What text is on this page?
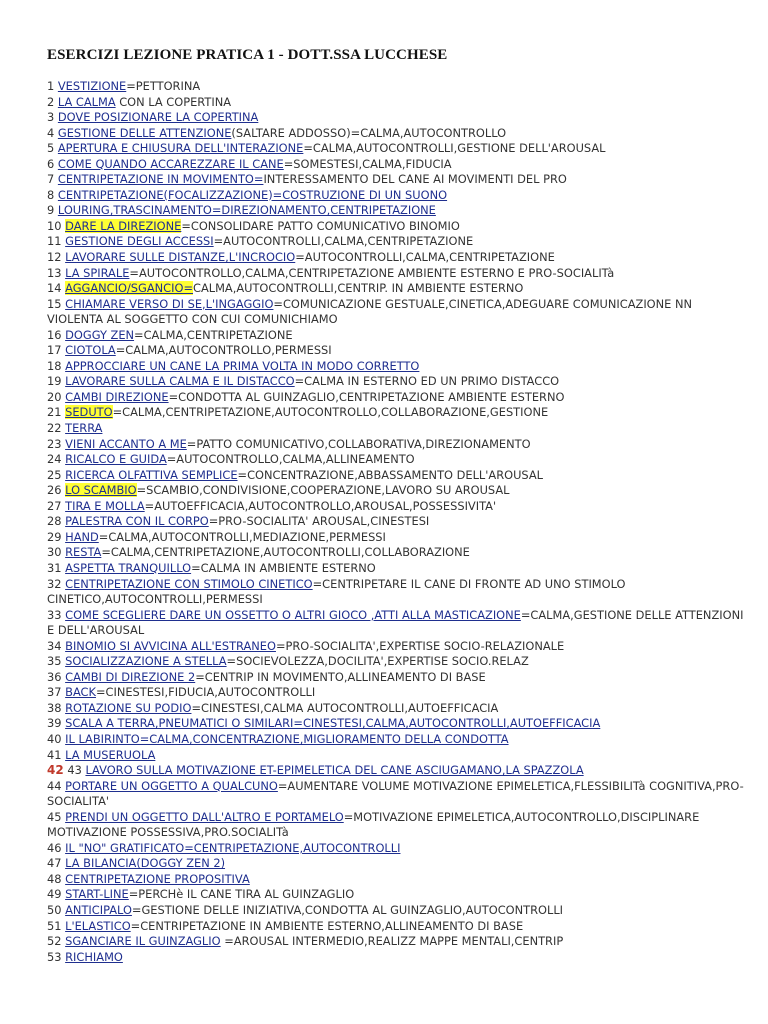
ESERCIZI LEZIONE PRATICA 1 - DOTT.SSA LUCCHESE

1 VESTIZIONE=PETTORINA

2 LA CALMA CON LA COPERTINA

3 DOVE POSIZIONARE LA COPERTINA

4 GESTIONE DELLE ATTENZIONE(SALTARE ADDOSSO)=CALMA,AUTOCONTROLLO

5 APERTURA E CHIUSURA DELL'INTERAZIONE=CALMA,AUTOCONTROLLI,GESTIONE DELL'AROUSAL

6 COME QUANDO ACCAREZZARE IL CANE=SOMESTESI,CALMA,FIDUCIA

7 CENTRIPETAZIONE IN MOVIMENTO=INTERESSAMENTO DEL CANE AI MOVIMENTI DEL PRO

8 CENTRIPETAZIONE(FOCALIZZAZIONE)=COSTRUZIONE DI UN SUONO

9 LOURING,TRASCINAMENTO=DIREZIONAMENTO,CENTRIPETAZIONE

10 DARE LA DIREZIONE=CONSOLIDARE PATTO COMUNICATIVO BINOMIO

11 GESTIONE DEGLI ACCESSI=AUTOCONTROLLI,CALMA,CENTRIPETAZIONE

12 LAVORARE SULLE DISTANZE,L'INCROCIO=AUTOCONTROLLI,CALMA,CENTRIPETAZIONE

13 LA SPIRALE=AUTOCONTROLLO,CALMA,CENTRIPETAZIONE AMBIENTE ESTERNO E PRO-SOCIALITà

14 AGGANCIO/SGANCIO=CALMA,AUTOCONTROLLI,CENTRIP. IN AMBIENTE ESTERNO

15 CHIAMARE VERSO DI SE,L'INGAGGIO=COMUNICAZIONE GESTUALE,CINETICA,ADEGUARE COMUNICAZIONE NN VIOLENTA AL SOGGETTO CON CUI COMUNICHIAMO

16 DOGGY ZEN=CALMA,CENTRIPETAZIONE

17 CIOTOLA=CALMA,AUTOCONTROLLO,PERMESSI

18 APPROCCIARE UN CANE LA PRIMA VOLTA IN MODO CORRETTO

19 LAVORARE SULLA CALMA E IL DISTACCO=CALMA IN ESTERNO ED UN PRIMO DISTACCO

20 CAMBI DIREZIONE=CONDOTTA AL GUINZAGLIO,CENTRIPETAZIONE AMBIENTE ESTERNO

21 SEDUTO=CALMA,CENTRIPETAZIONE,AUTOCONTROLLO,COLLABORAZIONE,GESTIONE

22 TERRA

23 VIENI ACCANTO A ME=PATTO COMUNICATIVO,COLLABORATIVA,DIREZIONAMENTO

24 RICALCO E GUIDA=AUTOCONTROLLO,CALMA,ALLINEAMENTO

25 RICERCA OLFATTIVA SEMPLICE=CONCENTRAZIONE,ABBASSAMENTO DELL'AROUSAL

26 LO SCAMBIO=SCAMBIO,CONDIVISIONE,COOPERAZIONE,LAVORO SU AROUSAL

27 TIRA E MOLLA=AUTOEFFICACIA,AUTOCONTROLLO,AROUSAL,POSSESSIVITA'

28 PALESTRA CON IL CORPO=PRO-SOCIALITA' AROUSAL,CINESTESI

29 HAND=CALMA,AUTOCONTROLLI,MEDIAZIONE,PERMESSI

30 RESTA=CALMA,CENTRIPETAZIONE,AUTOCONTROLLI,COLLABORAZIONE

31 ASPETTA TRANQUILLO=CALMA IN AMBIENTE ESTERNO

32 CENTRIPETAZIONE CON STIMOLO CINETICO=CENTRIPETARE IL CANE DI FRONTE AD UNO STIMOLO CINETICO,AUTOCONTROLLI,PERMESSI

33 COME SCEGLIERE DARE UN OSSETTO O ALTRI GIOCO ,ATTI ALLA MASTICAZIONE=CALMA,GESTIONE DELLE ATTENZIONI E DELL'AROUSAL

34 BINOMIO SI AVVICINA ALL'ESTRANEO=PRO-SOCIALITA',EXPERTISE SOCIO-RELAZIONALE

35 SOCIALIZZAZIONE A STELLA=SOCIEVOLEZZA,DOCILITA',EXPERTISE SOCIO.RELAZ

36 CAMBI DI DIREZIONE 2=CENTRIP IN MOVIMENTO,ALLINEAMENTO DI BASE

37 BACK=CINESTESI,FIDUCIA,AUTOCONTROLLI

38 ROTAZIONE SU PODIO=CINESTESI,CALMA AUTOCONTROLLI,AUTOEFFICACIA

39 SCALA A TERRA,PNEUMATICI O SIMILARI=CINESTESI,CALMA,AUTOCONTROLLI,AUTOEFFICACIA

40 IL LABIRINTO=CALMA,CONCENTRAZIONE,MIGLIORAMENTO DELLA CONDOTTA

41 LA MUSERUOLA

42 43 LAVORO SULLA MOTIVAZIONE ET-EPIMELETICA DEL CANE ASCIUGAMANO,LA SPAZZOLA

44 PORTARE UN OGGETTO A QUALCUNO=AUMENTARE VOLUME MOTIVAZIONE EPIMELETICA,FLESSIBILITà COGNITIVA,PRO-SOCIALITA'

45 PRENDI UN OGGETTO DALL'ALTRO E PORTAMELO=MOTIVAZIONE EPIMELETICA,AUTOCONTROLLO,DISCIPLINARE MOTIVAZIONE POSSESSIVA,PRO.SOCIALITà

46 IL "NO" GRATIFICATO=CENTRIPETAZIONE,AUTOCONTROLLI

47 LA BILANCIA(DOGGY ZEN 2)

48 CENTRIPETAZIONE PROPOSITIVA

49 START-LINE=PERCHè IL CANE TIRA AL GUINZAGLIO

50 ANTICIPALO=GESTIONE DELLE INIZIATIVA,CONDOTTA AL GUINZAGLIO,AUTOCONTROLLI

51 L'ELASTICO=CENTRIPETAZIONE IN AMBIENTE ESTERNO,ALLINEAMENTO DI BASE

52 SGANCIARE IL GUINZAGLIO =AROUSAL INTERMEDIO,REALIZZ MAPPE MENTALI,CENTRIP

53 RICHIAMO
